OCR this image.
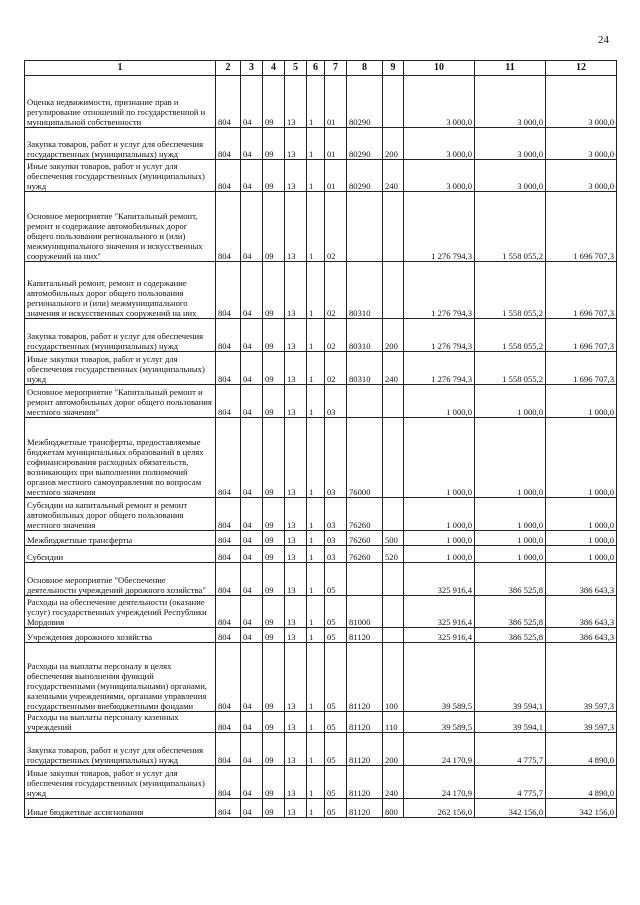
24
1	2	3	4	5	6	7	8	9	10	11	12
Оценка недвижимости, признание прав и регулирование отношений по государственной и муниципальной собственности	804	04	09	13	1	01	80290		3 000,0	3 000,0	3 000,0
Закупка товаров, работ и услуг для обеспечения государственных (муниципальных) нужд	804	04	09	13	1	01	80290	200	3 000,0	3 000,0	3 000,0
Иные закупки товаров, работ и услуг для обеспечения государственных (муниципальных) нужд	804	04	09	13	1	01	80290	240	3 000,0	3 000,0	3 000,0
Основное мероприятие "Капитальный ремонт, ремонт и содержание автомобильных дорог общего пользования регионального и (или) межмуниципального значения и искусственных сооружений на них"	804	04	09	13	1	02			1 276 794,3	1 558 055,2	1 696 707,3
Капитальный ремонт, ремонт и содержание автомобильных дорог общего пользования регионального и (или) межмуниципального значения и искусственных сооружений на них	804	04	09	13	1	02	80310		1 276 794,3	1 558 055,2	1 696 707,3
Закупка товаров, работ и услуг для обеспечения государственных (муниципальных) нужд	804	04	09	13	1	02	80310	200	1 276 794,3	1 558 055,2	1 696 707,3
Иные закупки товаров, работ и услуг для обеспечения государственных (муниципальных) нужд	804	04	09	13	1	02	80310	240	1 276 794,3	1 558 055,2	1 696 707,3
Основное мероприятие "Капитальный ремонт и ремонт автомобильных дорог общего пользования местного значения"	804	04	09	13	1	03			1 000,0	1 000,0	1 000,0
Межбюджетные трансферты, предоставляемые бюджетам муниципальных образований в целях софинансирования расходных обязательств, возникающих при выполнении полномочий органов местного самоуправления по вопросам местного значения	804	04	09	13	1	03	76000		1 000,0	1 000,0	1 000,0
Субсидии на капитальный ремонт и ремонт автомобильных дорог общего пользования местного значения	804	04	09	13	1	03	76260		1 000,0	1 000,0	1 000,0
Межбюджетные трансферты	804	04	09	13	1	03	76260	500	1 000,0	1 000,0	1 000,0
Субсидии	804	04	09	13	1	03	76260	520	1 000,0	1 000,0	1 000,0
Основное мероприятие "Обеспечение деятельности учреждений дорожного хозяйства"	804	04	09	13	1	05			325 916,4	386 525,8	386 643,3
Расходы на обеспечение деятельности (оказание услуг) государственных учреждений Республики Мордовия	804	04	09	13	1	05	81000		325 916,4	386 525,8	386 643,3
Учреждения дорожного хозяйства	804	04	09	13	1	05	81120		325 916,4	386 525,8	386 643,3
Расходы на выплаты персоналу в целях обеспечения выполнения функций государственными (муниципальными) органами, казенными учреждениями, органами управления государственными внебюджетными фондами	804	04	09	13	1	05	81120	100	39 589,5	39 594,1	39 597,3
Расходы на выплаты персоналу казенных учреждений	804	04	09	13	1	05	81120	110	39 589,5	39 594,1	39 597,3
Закупка товаров, работ и услуг для обеспечения государственных (муниципальных) нужд	804	04	09	13	1	05	81120	200	24 170,9	4 775,7	4 890,0
Иные закупки товаров, работ и услуг для обеспечения государственных (муниципальных) нужд	804	04	09	13	1	05	81120	240	24 170,9	4 775,7	4 890,0
Иные бюджетные ассигнования	804	04	09	13	1	05	81120	800	262 156,0	342 156,0	342 156,0
